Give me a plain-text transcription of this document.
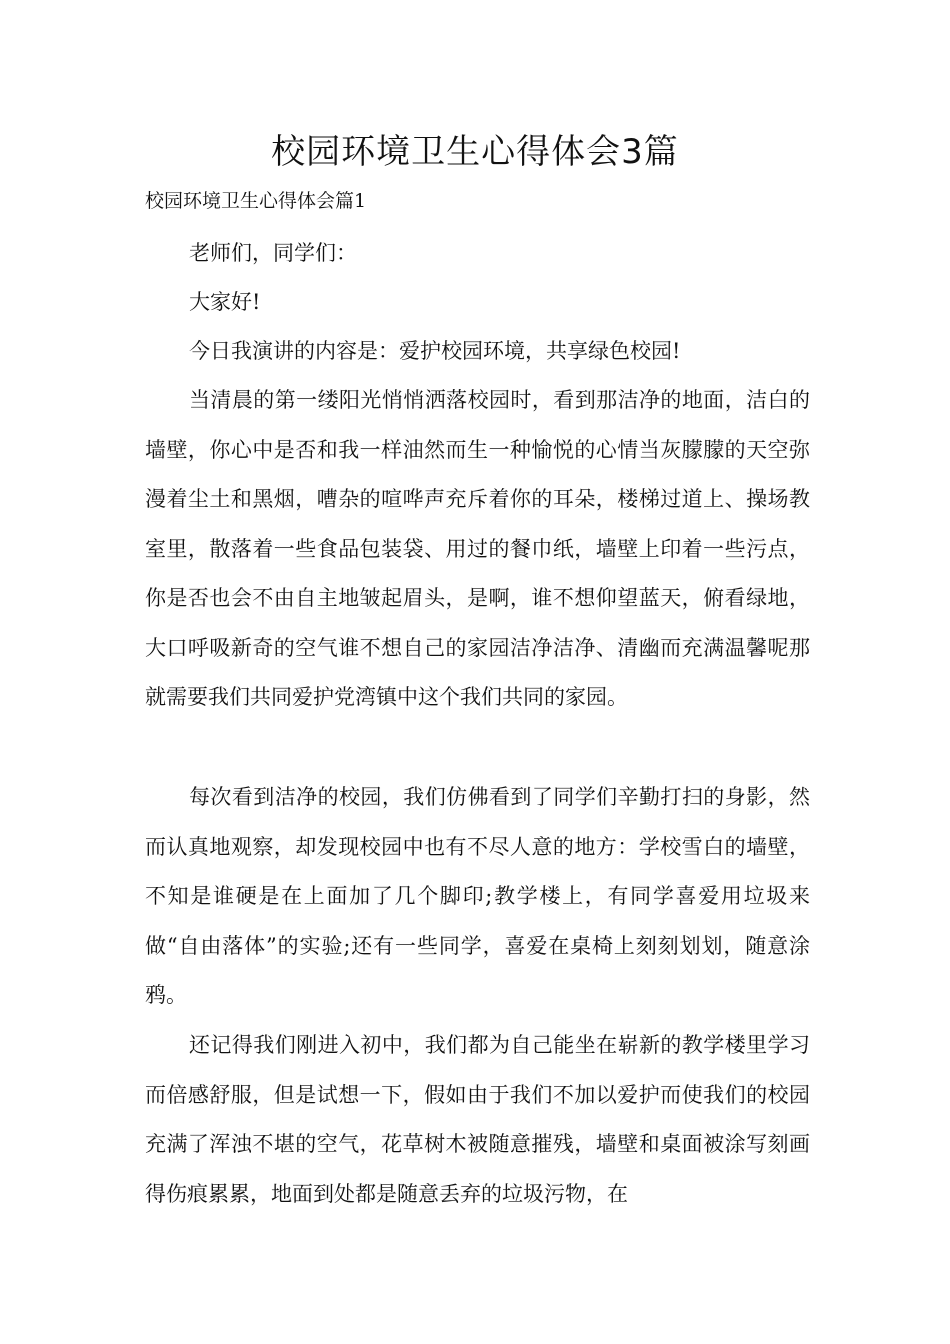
校园环境卫生心得体会3篇

校园环境卫生心得体会篇1

老师们，同学们：

大家好!

今日我演讲的内容是：爱护校园环境，共享绿色校园!

当清晨的第一缕阳光悄悄洒落校园时，看到那洁净的地面，洁白的墙壁，你心中是否和我一样油然而生一种愉悦的心情当灰朦朦的天空弥漫着尘土和黑烟，嘈杂的喧哗声充斥着你的耳朵，楼梯过道上、操场教室里，散落着一些食品包装袋、用过的餐巾纸，墙壁上印着一些污点，你是否也会不由自主地皱起眉头，是啊，谁不想仰望蓝天，俯看绿地，大口呼吸新奇的空气谁不想自己的家园洁净洁净、清幽而充满温馨呢那就需要我们共同爱护党湾镇中这个我们共同的家园。

每次看到洁净的校园，我们仿佛看到了同学们辛勤打扫的身影，然而认真地观察，却发现校园中也有不尽人意的地方：学校雪白的墙壁，不知是谁硬是在上面加了几个脚印;教学楼上，有同学喜爱用垃圾来做“自由落体”的实验;还有一些同学，喜爱在桌椅上刻刻划划，随意涂鸦。

还记得我们刚进入初中，我们都为自己能坐在崭新的教学楼里学习而倍感舒服，但是试想一下，假如由于我们不加以爱护而使我们的校园充满了浑浊不堪的空气，花草树木被随意摧残，墙壁和桌面被涂写刻画得伤痕累累，地面到处都是随意丢弃的垃圾污物，在
